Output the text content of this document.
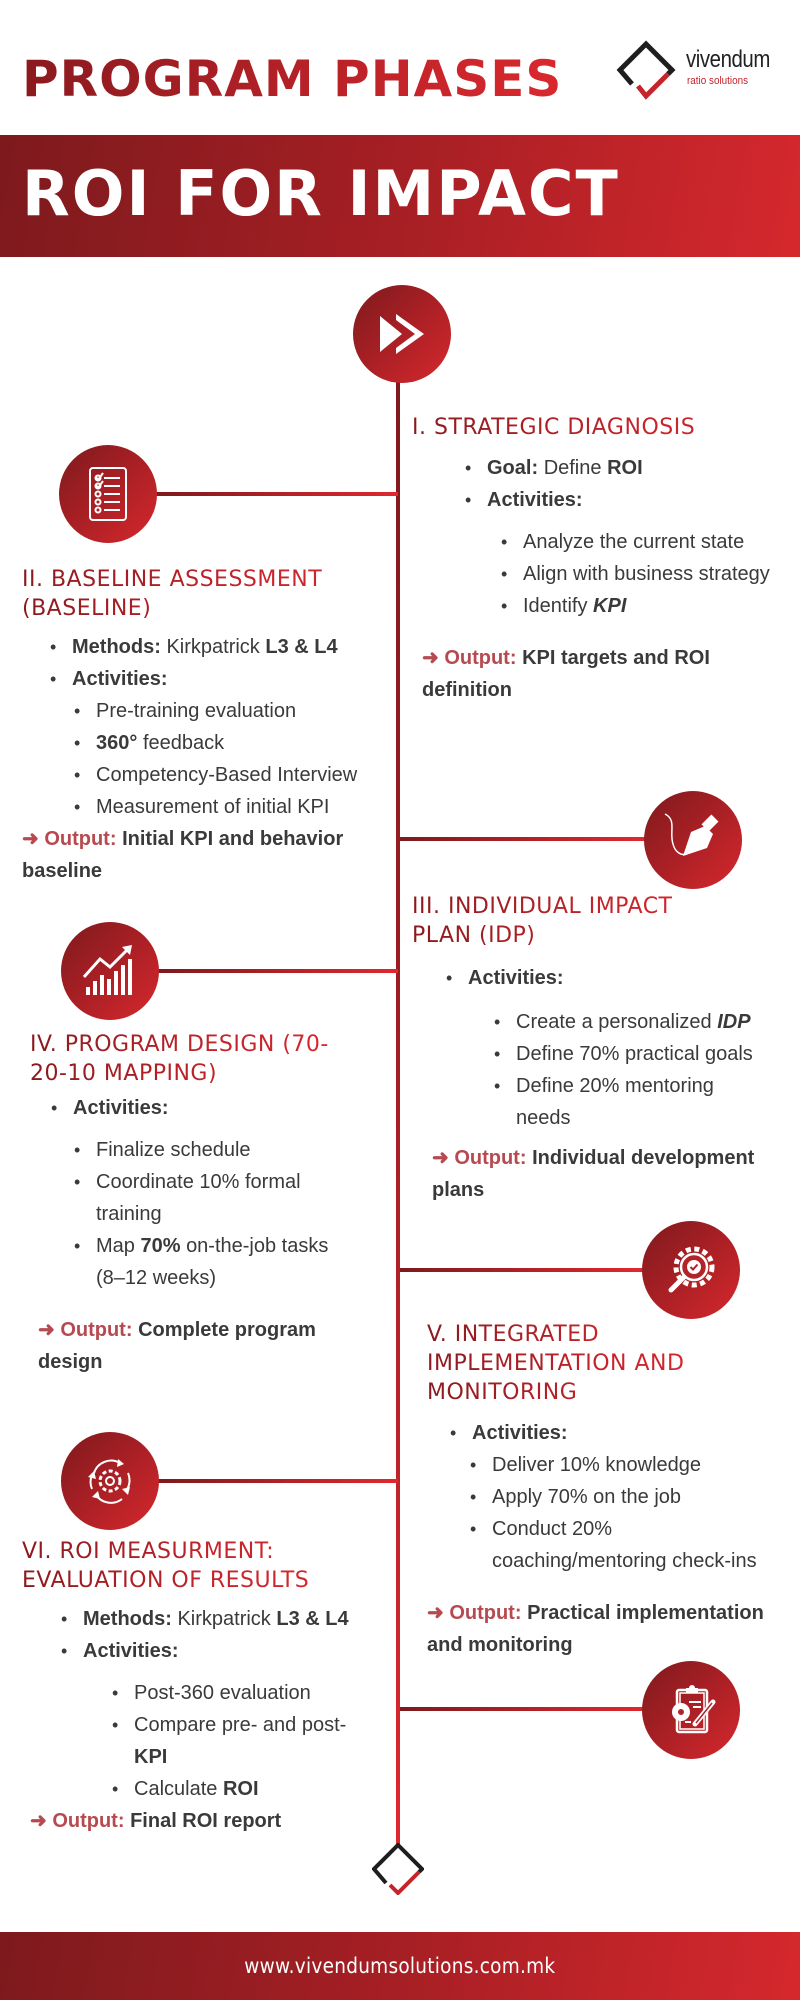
PROGRAM PHASES	vivendum
ratio solutions
ROI FOR IMPACT
I. STRATEGIC DIAGNOSIS
• Goal: Define ROI
• Activities:
• Analyze the current state
• Align with business strategy
• Identify KPI
➜ Output: KPI targets and ROI definition
II. BASELINE ASSESSMENT (BASELINE)
• Methods: Kirkpatrick L3 & L4
• Activities:
• Pre-training evaluation
• 360° feedback
• Competency-Based Interview
• Measurement of initial KPI
➜ Output: Initial KPI and behavior baseline
III. INDIVIDUAL IMPACT PLAN (IDP)
• Activities:
• Create a personalized IDP
• Define 70% practical goals
• Define 20% mentoring needs
➜ Output: Individual development plans
IV. PROGRAM DESIGN (70-20-10 MAPPING)
• Activities:
• Finalize schedule
• Coordinate 10% formal training
• Map 70% on-the-job tasks (8–12 weeks)
➜ Output: Complete program design
V. INTEGRATED IMPLEMENTATION AND MONITORING
• Activities:
• Deliver 10% knowledge
• Apply 70% on the job
• Conduct 20% coaching/mentoring check-ins
➜ Output: Practical implementation and monitoring
VI. ROI MEASURMENT: EVALUATION OF RESULTS
• Methods: Kirkpatrick L3 & L4
• Activities:
• Post-360 evaluation
• Compare pre- and post- KPI
• Calculate ROI
➜ Output: Final ROI report
www.vivendumsolutions.com.mk
